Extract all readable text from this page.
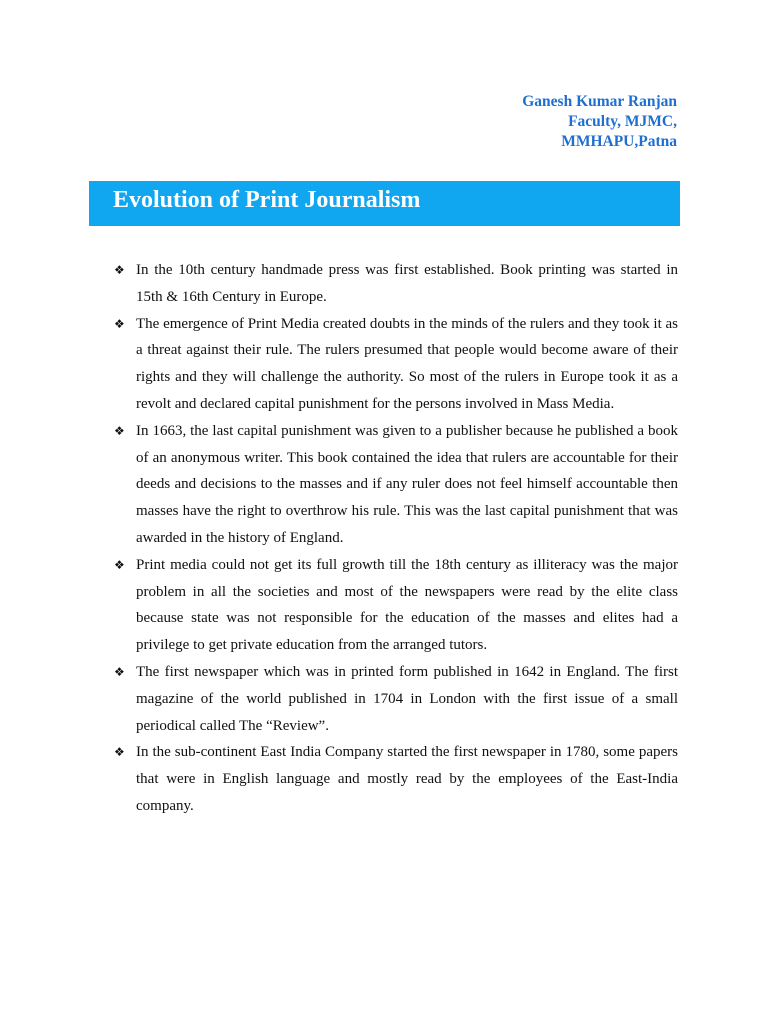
Ganesh Kumar Ranjan
Faculty, MJMC,
MMHAPU,Patna
Evolution of Print Journalism
❖ In the 10th century handmade press was first established. Book printing was started in 15th & 16th Century in Europe.
❖ The emergence of Print Media created doubts in the minds of the rulers and they took it as a threat against their rule. The rulers presumed that people would become aware of their rights and they will challenge the authority. So most of the rulers in Europe took it as a revolt and declared capital punishment for the persons involved in Mass Media.
❖ In 1663, the last capital punishment was given to a publisher because he published a book of an anonymous writer. This book contained the idea that rulers are accountable for their deeds and decisions to the masses and if any ruler does not feel himself accountable then masses have the right to overthrow his rule. This was the last capital punishment that was awarded in the history of England.
❖ Print media could not get its full growth till the 18th century as illiteracy was the major problem in all the societies and most of the newspapers were read by the elite class because state was not responsible for the education of the masses and elites had a privilege to get private education from the arranged tutors.
❖ The first newspaper which was in printed form published in 1642 in England. The first magazine of the world published in 1704 in London with the first issue of a small periodical called The “Review”.
❖ In the sub-continent East India Company started the first newspaper in 1780, some papers that were in English language and mostly read by the employees of the East-India company.
